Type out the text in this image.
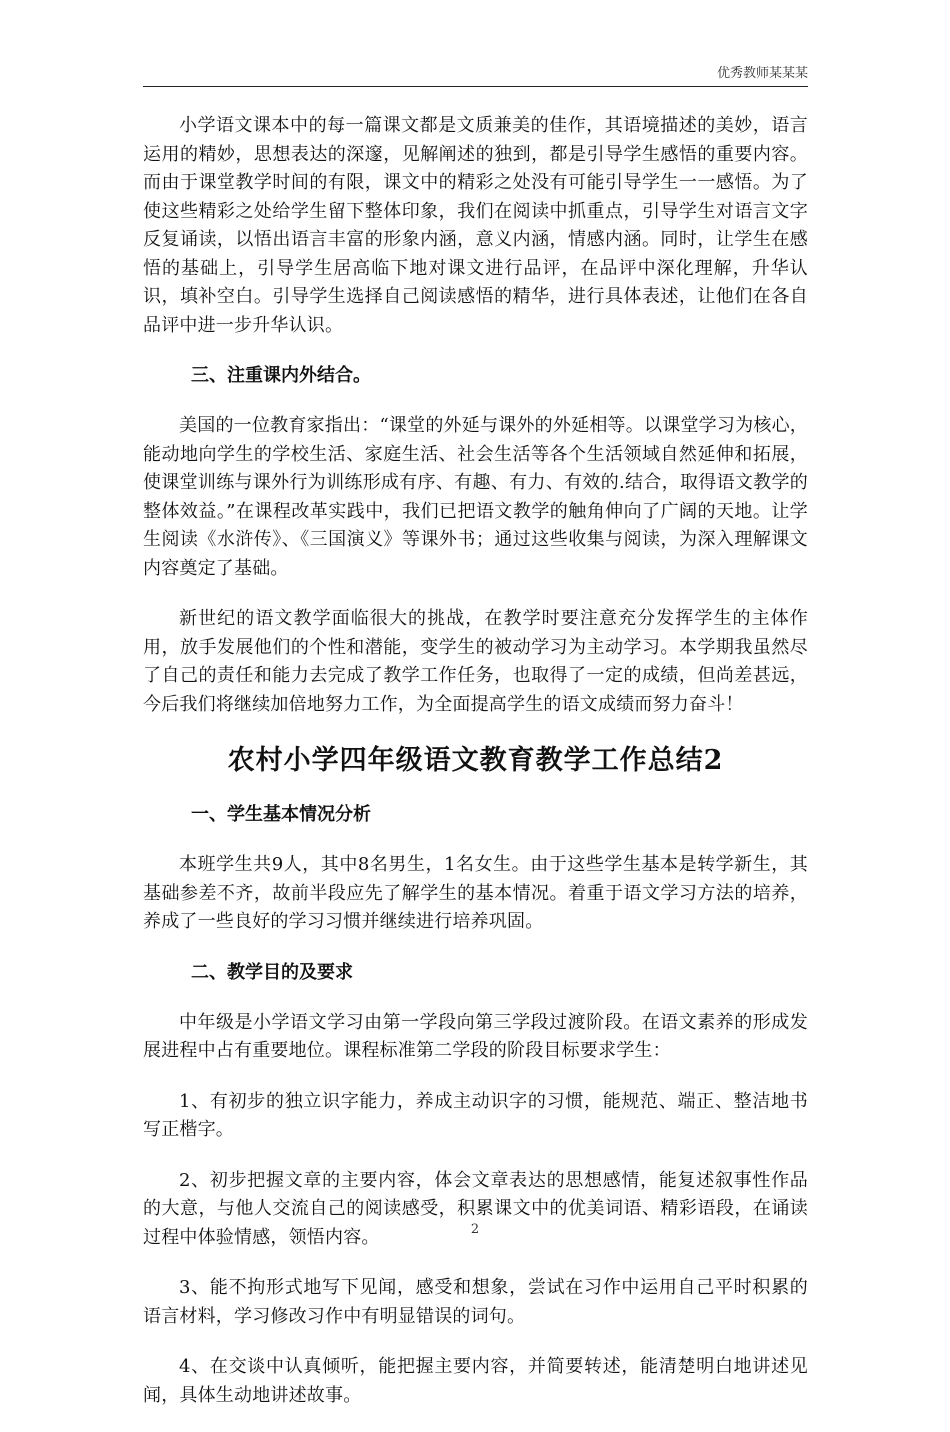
优秀教师某某某

小学语文课本中的每一篇课文都是文质兼美的佳作，其语境描述的美妙，语言运用的精妙，思想表达的深邃，见解阐述的独到，都是引导学生感悟的重要内容。而由于课堂教学时间的有限，课文中的精彩之处没有可能引导学生一一感悟。为了使这些精彩之处给学生留下整体印象，我们在阅读中抓重点，引导学生对语言文字反复诵读，以悟出语言丰富的形象内涵，意义内涵，情感内涵。同时，让学生在感悟的基础上，引导学生居高临下地对课文进行品评，在品评中深化理解，升华认识，填补空白。引导学生选择自己阅读感悟的精华，进行具体表述，让他们在各自品评中进一步升华认识。

三、注重课内外结合。

美国的一位教育家指出：“课堂的外延与课外的外延相等。以课堂学习为核心，能动地向学生的学校生活、家庭生活、社会生活等各个生活领域自然延伸和拓展，使课堂训练与课外行为训练形成有序、有趣、有力、有效的.结合，取得语文教学的整体效益。”在课程改革实践中，我们已把语文教学的触角伸向了广阔的天地。让学生阅读《水浒传》、《三国演义》等课外书；通过这些收集与阅读，为深入理解课文内容奠定了基础。

新世纪的语文教学面临很大的挑战，在教学时要注意充分发挥学生的主体作用，放手发展他们的个性和潜能，变学生的被动学习为主动学习。本学期我虽然尽了自己的责任和能力去完成了教学工作任务，也取得了一定的成绩，但尚差甚远，今后我们将继续加倍地努力工作，为全面提高学生的语文成绩而努力奋斗！

农村小学四年级语文教育教学工作总结2
一、学生基本情况分析

本班学生共9人，其中8名男生，1名女生。由于这些学生基本是转学新生，其基础参差不齐，故前半段应先了解学生的基本情况。着重于语文学习方法的培养，养成了一些良好的学习习惯并继续进行培养巩固。

二、教学目的及要求

中年级是小学语文学习由第一学段向第三学段过渡阶段。在语文素养的形成发展进程中占有重要地位。课程标准第二学段的阶段目标要求学生：

1、有初步的独立识字能力，养成主动识字的习惯，能规范、端正、整洁地书写正楷字。

2、初步把握文章的主要内容，体会文章表达的思想感情，能复述叙事性作品的大意，与他人交流自己的阅读感受，积累课文中的优美词语、精彩语段，在诵读过程中体验情感，领悟内容。

3、能不拘形式地写下见闻，感受和想象，尝试在习作中运用自己平时积累的语言材料，学习修改习作中有明显错误的词句。

4、在交谈中认真倾听，能把握主要内容，并简要转述，能清楚明白地讲述见闻，具体生动地讲述故事。

2
